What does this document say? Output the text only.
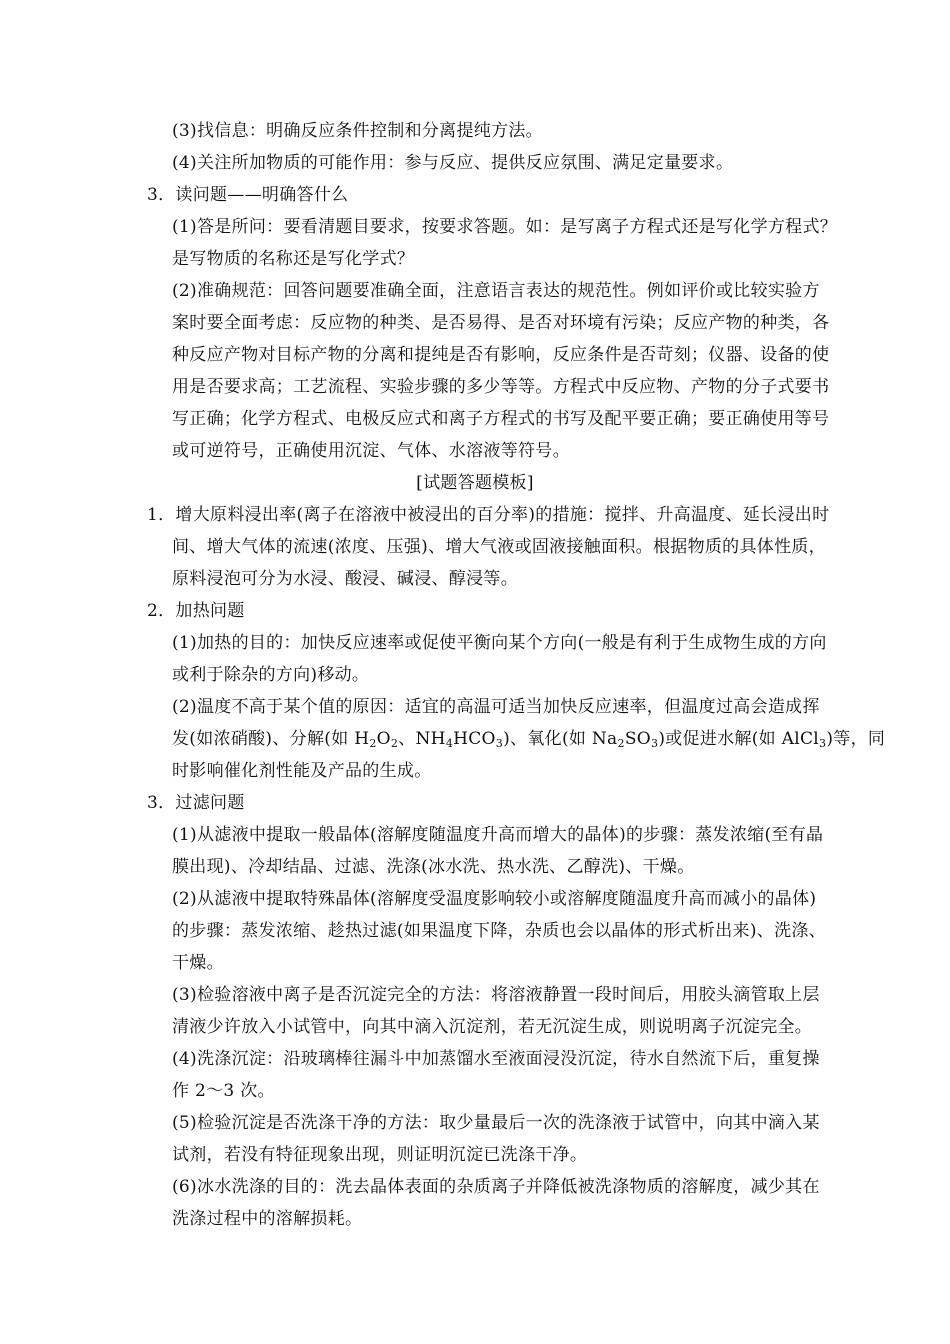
(3)找信息：明确反应条件控制和分离提纯方法。
(4)关注所加物质的可能作用：参与反应、提供反应氛围、满足定量要求。
3．读问题——明确答什么
(1)答是所问：要看清题目要求，按要求答题。如：是写离子方程式还是写化学方程式？
是写物质的名称还是写化学式？
(2)准确规范：回答问题要准确全面，注意语言表达的规范性。例如评价或比较实验方
案时要全面考虑：反应物的种类、是否易得、是否对环境有污染；反应产物的种类，各
种反应产物对目标产物的分离和提纯是否有影响，反应条件是否苛刻；仪器、设备的使
用是否要求高；工艺流程、实验步骤的多少等等。方程式中反应物、产物的分子式要书
写正确；化学方程式、电极反应式和离子方程式的书写及配平要正确；要正确使用等号
或可逆符号，正确使用沉淀、气体、水溶液等符号。
1．增大原料浸出率(离子在溶液中被浸出的百分率)的措施：搅拌、升高温度、延长浸出时
间、增大气体的流速(浓度、压强)、增大气液或固液接触面积。根据物质的具体性质，
原料浸泡可分为水浸、酸浸、碱浸、醇浸等。
2．加热问题
(1)加热的目的：加快反应速率或促使平衡向某个方向(一般是有利于生成物生成的方向
或利于除杂的方向)移动。
(2)温度不高于某个值的原因：适宜的高温可适当加快反应速率，但温度过高会造成挥
时影响催化剂性能及产品的生成。
3．过滤问题
(1)从滤液中提取一般晶体(溶解度随温度升高而增大的晶体)的步骤：蒸发浓缩(至有晶
膜出现)、冷却结晶、过滤、洗涤(冰水洗、热水洗、乙醇洗)、干燥。
(2)从滤液中提取特殊晶体(溶解度受温度影响较小或溶解度随温度升高而减小的晶体)
的步骤：蒸发浓缩、趁热过滤(如果温度下降，杂质也会以晶体的形式析出来)、洗涤、
干燥。
(3)检验溶液中离子是否沉淀完全的方法：将溶液静置一段时间后，用胶头滴管取上层
清液少许放入小试管中，向其中滴入沉淀剂，若无沉淀生成，则说明离子沉淀完全。
(4)洗涤沉淀：沿玻璃棒往漏斗中加蒸馏水至液面浸没沉淀，待水自然流下后，重复操
作 2～3 次。
(5)检验沉淀是否洗涤干净的方法：取少量最后一次的洗涤液于试管中，向其中滴入某
试剂，若没有特征现象出现，则证明沉淀已洗涤干净。
(6)冰水洗涤的目的：洗去晶体表面的杂质离子并降低被洗涤物质的溶解度，减少其在
洗涤过程中的溶解损耗。
[试题答题模板]
发(如浓硝酸)、分解(如 $H_2O_2$、$NH_4HCO_3$)、氧化(如 $Na_2SO_3$)或促进水解(如 AlCl$_3$)等，同
